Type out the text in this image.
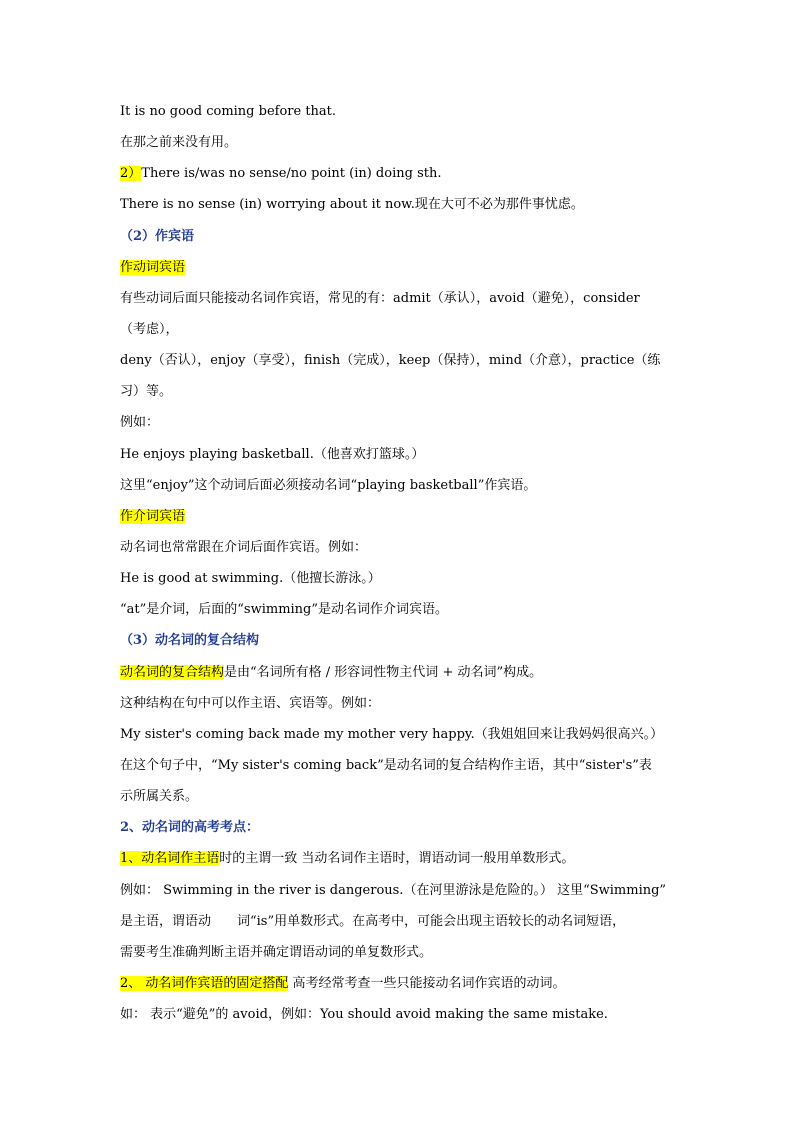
It is no good coming before that.
在那之前来没有用。
2）There is/was no sense/no point (in) doing sth.
There is no sense (in) worrying about it now.现在大可不必为那件事忧虑。
（2）作宾语
作动词宾语
有些动词后面只能接动名词作宾语，常见的有：admit（承认），avoid（避免），consider
（考虑），
deny（否认），enjoy（享受），finish（完成），keep（保持），mind（介意），practice（练
习）等。
例如：
He enjoys playing basketball.（他喜欢打篮球。）
这里“enjoy”这个动词后面必须接动名词“playing basketball”作宾语。
作介词宾语
动名词也常常跟在介词后面作宾语。例如：
He is good at swimming.（他擅长游泳。）
“at”是介词，后面的“swimming”是动名词作介词宾语。
（3）动名词的复合结构
动名词的复合结构是由“名词所有格 / 形容词性物主代词 + 动名词”构成。
这种结构在句中可以作主语、宾语等。例如：
My sister's coming back made my mother very happy.（我姐姐回来让我妈妈很高兴。）
在这个句子中，“My sister's coming back”是动名词的复合结构作主语，其中“sister's”表
示所属关系。
2、动名词的高考考点：
1、动名词作主语时的主谓一致 当动名词作主语时，谓语动词一般用单数形式。
例如： Swimming in the river is dangerous.（在河里游泳是危险的。） 这里“Swimming”
是主语，谓语动　　词“is”用单数形式。在高考中，可能会出现主语较长的动名词短语，
需要考生准确判断主语并确定谓语动词的单复数形式。
2、 动名词作宾语的固定搭配 高考经常考查一些只能接动名词作宾语的动词。
如： 表示“避免”的 avoid，例如：You should avoid making the same mistake.
